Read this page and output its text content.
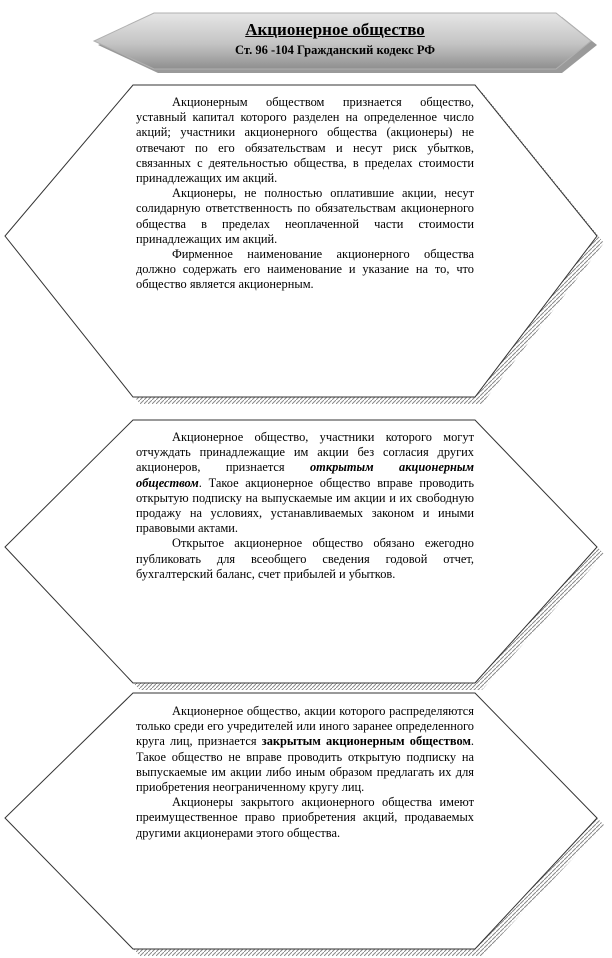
Акционерное общество
Ст. 96 -104 Гражданский кодекс РФ

Акционерным обществом признается общество, уставный капитал которого разделен на определенное число акций; участники акционерного общества (акционеры) не отвечают по его обязательствам и несут риск убытков, связанных с деятельностью общества, в пределах стоимости принадлежащих им акций.

Акционеры, не полностью оплатившие акции, несут солидарную ответственность по обязательствам акционерного общества в пределах неоплаченной части стоимости принадлежащих им акций.

Фирменное наименование акционерного общества должно содержать его наименование и указание на то, что общество является акционерным.

Акционерное общество, участники которого могут отчуждать принадлежащие им акции без согласия других акционеров, признается открытым акционерным обществом. Такое акционерное общество вправе проводить открытую подписку на выпускаемые им акции и их свободную продажу на условиях, устанавливаемых законом и иными правовыми актами.

Открытое акционерное общество обязано ежегодно публиковать для всеобщего сведения годовой отчет, бухгалтерский баланс, счет прибылей и убытков.

Акционерное общество, акции которого распределяются только среди его учредителей или иного заранее определенного круга лиц, признается закрытым акционерным обществом. Такое общество не вправе проводить открытую подписку на выпускаемые им акции либо иным образом предлагать их для приобретения неограниченному кругу лиц.

Акционеры закрытого акционерного общества имеют преимущественное право приобретения акций, продаваемых другими акционерами этого общества.
